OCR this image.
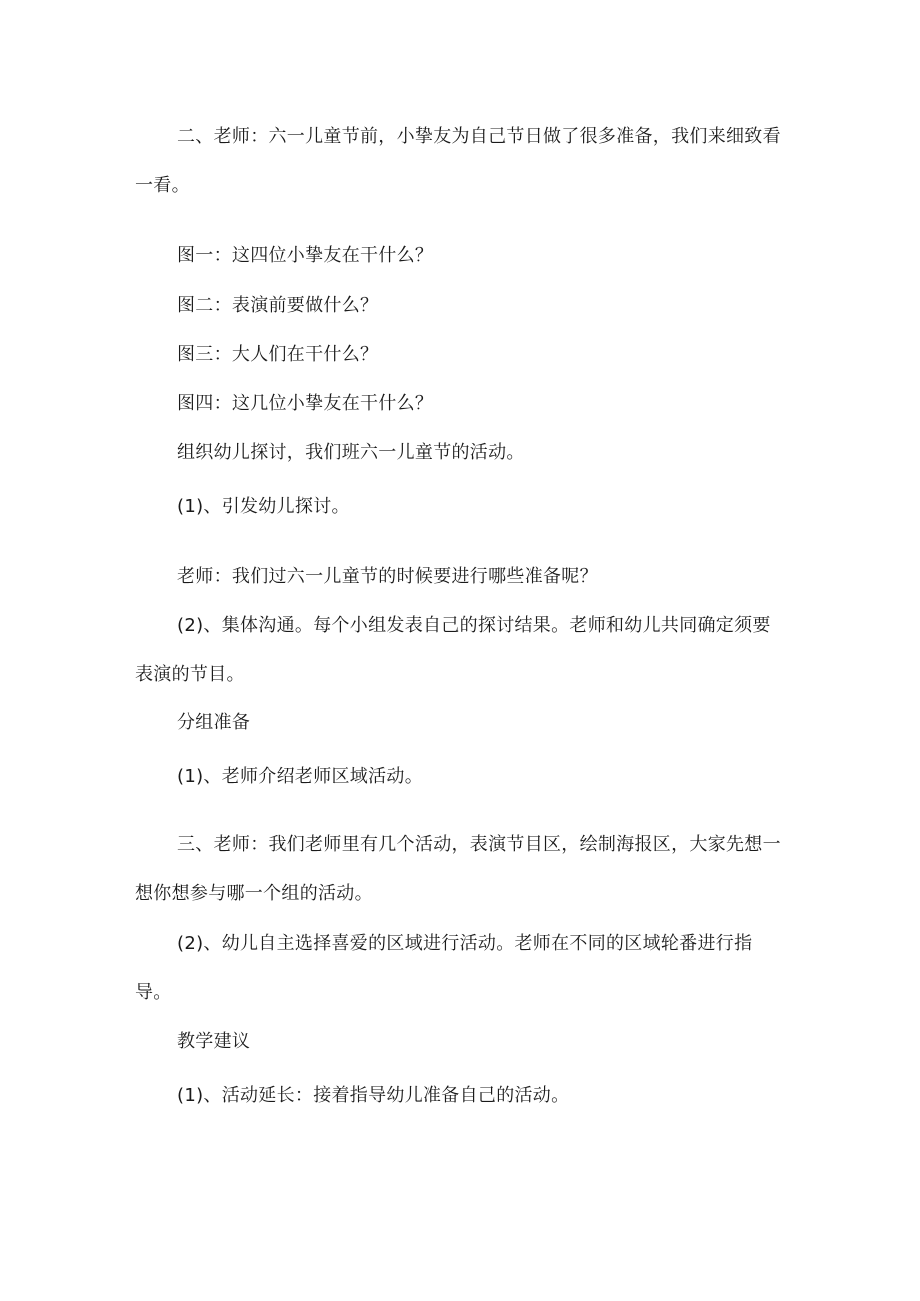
二、老师：六一儿童节前，小挚友为自己节日做了很多准备，我们来细致看一看。

图一：这四位小挚友在干什么？

图二：表演前要做什么？

图三：大人们在干什么？

图四：这几位小挚友在干什么？

组织幼儿探讨，我们班六一儿童节的活动。

(1)、引发幼儿探讨。

老师：我们过六一儿童节的时候要进行哪些准备呢？

(2)、集体沟通。每个小组发表自己的探讨结果。老师和幼儿共同确定须要表演的节目。

分组准备

(1)、老师介绍老师区域活动。

三、老师：我们老师里有几个活动，表演节目区，绘制海报区，大家先想一想你想参与哪一个组的活动。

(2)、幼儿自主选择喜爱的区域进行活动。老师在不同的区域轮番进行指导。

教学建议

(1)、活动延长：接着指导幼儿准备自己的活动。
